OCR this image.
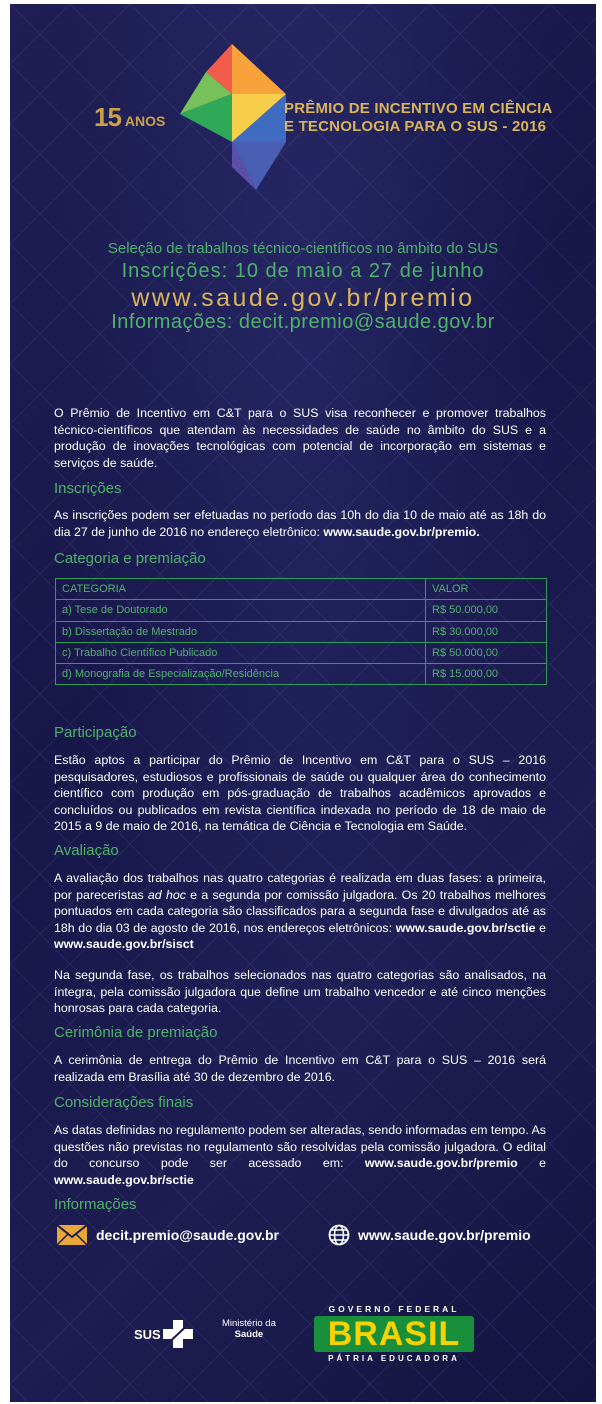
15 ANOS
PRÊMIO DE INCENTIVO EM CIÊNCIA
E TECNOLOGIA PARA O SUS - 2016
Seleção de trabalhos técnico-científicos no âmbito do SUS
Inscrições: 10 de maio a 27 de junho
www.saude.gov.br/premio
Informações: decit.premio@saude.gov.br
O Prêmio de Incentivo em C&T para o SUS visa reconhecer e promover trabalhos técnico-científicos que atendam às necessidades de saúde no âmbito do SUS e a produção de inovações tecnológicas com potencial de incorporação em sistemas e serviços de saúde.
Inscrições
As inscrições podem ser efetuadas no período das 10h do dia 10 de maio até as 18h do dia 27 de junho de 2016 no endereço eletrônico: www.saude.gov.br/premio.
Categoria e premiação
CATEGORIA	VALOR
a) Tese de Doutorado	R$ 50.000,00
b) Dissertação de Mestrado	R$ 30.000,00
c) Trabalho Científico Publicado	R$ 50.000,00
d) Monografia de Especialização/Residência	R$ 15.000,00
Participação
Estão aptos a participar do Prêmio de Incentivo em C&T para o SUS – 2016 pesquisadores, estudiosos e profissionais de saúde ou qualquer área do conhecimento científico com produção em pós-graduação de trabalhos acadêmicos aprovados e concluídos ou publicados em revista científica indexada no período de 18 de maio de 2015 a 9 de maio de 2016, na temática de Ciência e Tecnologia em Saúde.
Avaliação
A avaliação dos trabalhos nas quatro categorias é realizada em duas fases: a primeira, por pareceristas ad hoc e a segunda por comissão julgadora. Os 20 trabalhos melhores pontuados em cada categoria são classificados para a segunda fase e divulgados até as 18h do dia 03 de agosto de 2016, nos endereços eletrônicos: www.saude.gov.br/sctie e www.saude.gov.br/sisct
Na segunda fase, os trabalhos selecionados nas quatro categorias são analisados, na íntegra, pela comissão julgadora que define um trabalho vencedor e até cinco menções honrosas para cada categoria.
Cerimônia de premiação
A cerimônia de entrega do Prêmio de Incentivo em C&T para o SUS – 2016 será realizada em Brasília até 30 de dezembro de 2016.
Considerações finais
As datas definidas no regulamento podem ser alteradas, sendo informadas em tempo. As questões não previstas no regulamento são resolvidas pela comissão julgadora. O edital do concurso pode ser acessado em: www.saude.gov.br/premio e www.saude.gov.br/sctie
Informações
decit.premio@saude.gov.br	www.saude.gov.br/premio
SUS
Ministério da
Saúde
GOVERNO FEDERAL
BRASIL
PÁTRIA EDUCADORA
